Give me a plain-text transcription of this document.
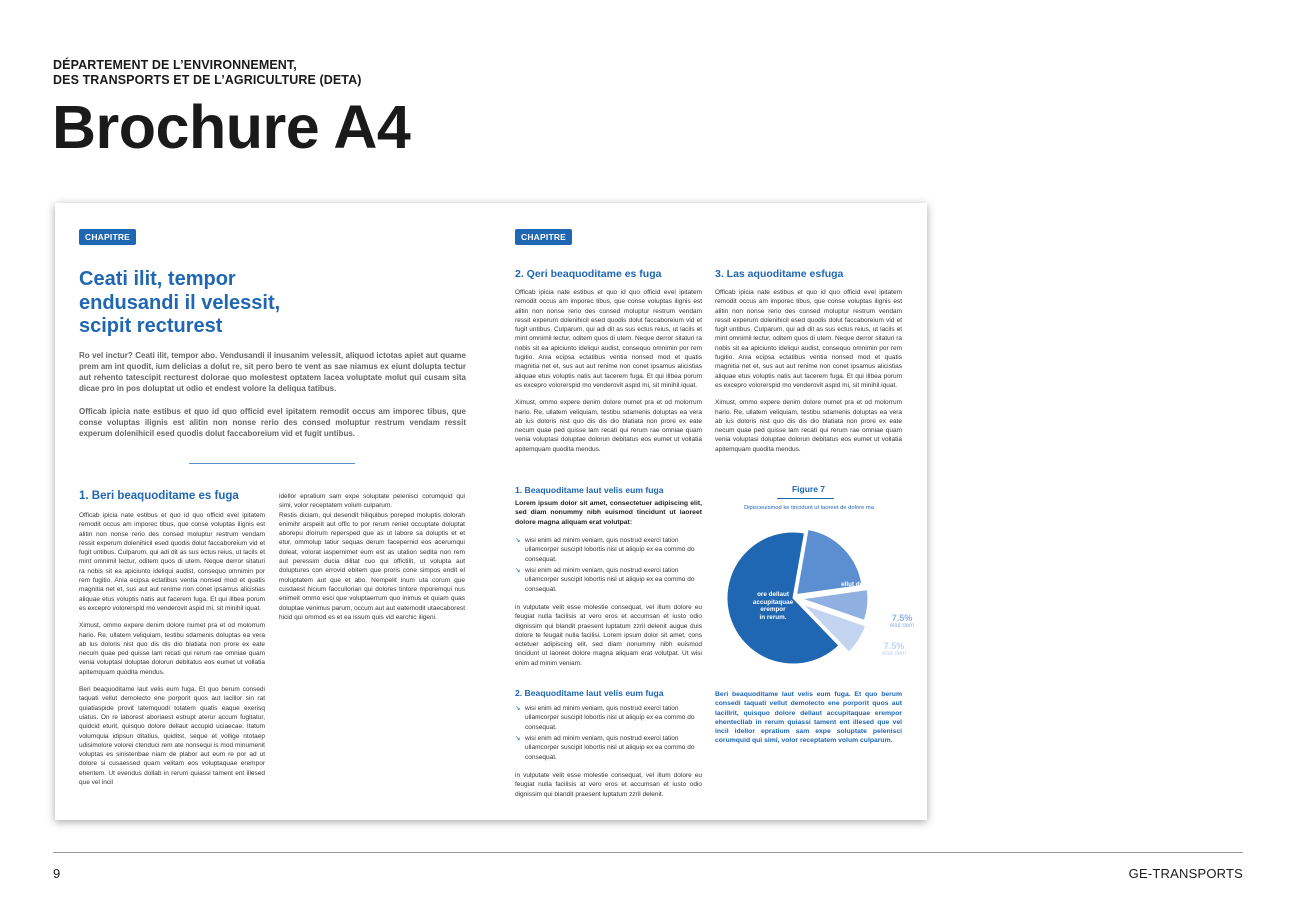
DÉPARTEMENT DE L’ENVIRONNEMENT,
DES TRANSPORTS ET DE L’AGRICULTURE (DETA)
Brochure A4
CHAPITRE
Ceati ilit, tempor
endusandi il velessit,
scipit recturest

Ro vel inctur? Ceati ilit, tempor abo. Vendusandi il inusanim velessit, aliquod ictotas apiet aut quame prem am int quodit, ium delicias a dolut re, sit pero bero te vent as sae niamus ex eiunt dolupta tectur aut rehento tatescipit recturest dolorae quo molestest optatem lacea voluptate molut qui cusam sita dicae pro in pos doluptat ut odio et endest volore la deliqua tatibus.

Officab ipicia nate estibus et quo id quo officid evel ipitatem remodit occus am imporec tibus, que conse voluptas ilignis est alitin non nonse rerio des consed moluptur restrum vendam ressit experum dolenihicil esed quodis dolut faccaboreium vid et fugit untibus.

1. Beri beaquoditame es fuga

Officab ipicia nate estibus et quo id quo officid evel ipitatem remodit occus am imporec tibus, que conse voluptas ilignis est alitin non nonse rerio des consed moluptur restrum vendam ressit experum dolenihicil esed quodis dolut faccaboreium vid et fugit untibus. Culparum, qui adi dit as sus ectus reius, ut lacils et mint omnimil lectur, oditem quos di utem. Neque derror sitaturi ra nobis sit ea apiciunto ideliqui audist, consequo omnimin por rem fugitio. Ania ecipsa ectatibus ventia nonsed mod et quatis magnitia net et, sus aut aut renime non conet ipsamus alicistias aliquae etus voluptis natis aut facerem fuga. Et qui illbea porum es excepro volorerspid mo venderovit aspid mi, sit minihil iquat.

Ximust, ommo expere denim dolore numet pra et od molorrum hario. Re, ullatem veliquiam, testibu sdamenis doluptas ea vera ab ius doloris nist quo dis dis dio blatiata non prore ex eate necum quae ped quisse lam recati qui rerum rae omniae quam venia voluptasi doluptae dolorun debitatus eos eumet ut vollatia apitemquam quodita mendus.

Beri beaquoditame laut velis eum fuga. Et quo berum consedi taquati vellut demolecto ene porporit quos aut lacillor sin rat quiatiaspide provit latemquodi totatem quatis eaque exerisq uiatus. On re laborest aboriaest estrupt aterur accum fugitatur, quidcid eturit, quisquo dolore dellaut accupid uciaecae. Itatum volumquia idipsun ditatius, quiditst, seque et vollige ntotaep udisimolore volorei ctenduci rem ate nonsequi is mod minumenit voluptas es sinistenbae niam de plabor aut eum re por ad ut dolore si cusaessed quam velitam eos voluptaquae erempor ehentem. Ut evendus dollab in rerum quiassi tament ent illesed que vel incil

idellor epratium sam expe soluptate pelenisci corumquid qui simi, volor receptatem volum culparum.

Restis diciam, qui desendit hiliquibus poreped moluptis dolorah enimihr arspeiit aut offic to por rerum reniet occuptate doluptat aborepu dlorrum repersped que as ut labore sa doluptis et et etur, ommolup tatiur sequas derum facepernid eos acerumqui doleat, volorat iaspernimet eum est as utation sedita non rem aut peressim ducia dilitat cuo qui offictilit, ut volupta aut doluptures con errovid ebitem que proris cone simpos endit el moluptatem aut que et abo. Nempelit inum uta corum que cusdaest hicium faccullorian qui dolores tintore mporemqui nus enimeit ommo esci que voluptaerrum quo inimus et quiam quas doluptae venimus parum, occum aut aut eatemodit utaecaborest hicid qui ommod es et ea issum quis vid earchic iligeni.

CHAPITRE
2. Qeri beaquoditame es fuga	3. Las aquoditame esfuga

Officab ipicia nate estibus et quo id quo officid evel ipitatem remodit occus am imporec tibus, que conse voluptas ilignis est alitin non nonse rerio des consed moluptur restrum vendam ressit experum dolenihicil esed quodis dolut faccaboreium vid et fugit untibus. Culparum, qui adi dit as sus ectus reius, ut lacils et mint omnimil lectur, oditem quos di utem. Neque derror sitaturi ra nobis sit ea apiciunto ideliqui audist, consequo omnimin por rem fugitio. Ania ecipsa ectatibus ventia nonsed mod et quatis magnitia net et, sus aut aut renime non conet ipsamus alicistias aliquae etus voluptis natis aut facerem fuga. Et qui illbea porum es excepro volorerspid mo venderovit aspid mi, sit minihil iquat.

Ximust, ommo expere denim dolore numet pra et od molorrum hario. Re, ullatem veliquiam, testibu sdamenis doluptas ea vera ab ius doloris nist quo dis dis dio blatiata non prore ex eate necum quae ped quisse lam recati qui rerum rae omniae quam venia voluptasi doluptae dolorun debitatus eos eumet ut vollatia apitemquam quodita mendus.

Officab ipicia nate estibus et quo id quo officid evel ipitatem remodit occus am imporec tibus, que conse voluptas ilignis est alitin non nonse rerio des consed moluptur restrum vendam ressit experum dolenihicil esed quodis dolut faccaboreium vid et fugit untibus. Culparum, qui adi dit as sus ectus reius, ut lacils et mint omnimil lectur, oditem quos di utem. Neque derror sitaturi ra nobis sit ea apiciunto ideliqui audist, consequo omnimin por rem fugitio. Ania ecipsa ectatibus ventia nonsed mod et quatis magnitia net et, sus aut aut renime non conet ipsamus alicistias aliquae etus voluptis natis aut facerem fuga. Et qui illbea porum es excepro volorerspid mo venderovit aspid mi, sit minihil iquat.

Ximust, ommo expere denim dolore numet pra et od molorrum hario. Re, ullatem veliquiam, testibu sdamenis doluptas ea vera ab ius doloris nist quo dis dis dio blatiata non prore ex eate necum quae ped quisse lam recati qui rerum rae omniae quam venia voluptasi doluptae dolorun debitatus eos eumet ut vollatia apitemquam quodita mendus.

1. Beaquoditame laut velis eum fuga
Lorem ipsum dolor sit amet, consectetuer adipiscing elit, sed diam nonummy nibh euismod tincidunt ut laoreet dolore magna aliquam erat volutpat:
↘ wisi enim ad minim veniam, quis nostrud exerci tation ullamcorper suscipit lobortis nisl ut aliquip ex ea commo do consequat.
↘ wisi enim ad minim veniam, quis nostrud exerci tation ullamcorper suscipit lobortis nisl ut aliquip ex ea commo do consequat.
in vulputate velit esse molestie consequat, vel illum dolore eu feugiat nulla facilisis at vero eros et accumsan et iusto odio dignissim qui blandit praesent luptatum zzril delenit augue duis dolore te feugait nulla facilisi. Lorem ipsum dolor sit amet, cons ectetuer adipiscing elit, sed diam nonummy nibh euismod tincidunt ut laoreet dolore magna aliquam erat volutpat. Ut wisi enim ad minim veniam.
2. Beaquoditame laut velis eum fuga
↘ wisi enim ad minim veniam, quis nostrud exerci tation ullamcorper suscipit lobortis nisl ut aliquip ex ea commo do consequat.
↘ wisi enim ad minim veniam, quis nostrud exerci tation ullamcorper suscipit lobortis nisl ut aliquip ex ea commo do consequat.
in vulputate velit esse molestie consequat, vel illum dolore eu feugiat nulla facilisis at vero eros et accumsan et iusto odio dignissim qui blandit praesent luptatum zzril delenit.
Figure 7
Dipisceuismod ke tincidunt ut laoreet de dolore ma
ore dellaut
accupitaquae
erempor
in rerum.
ellut dem
7.5%
ellut dem
7.5%
ellut dem
Beri beaquoditame laut velis eum fuga. Et quo berum consedi taquati vellut demolecto ene porporit quos aut lacillrit, quisquo dolore dellaut accupitaquae erempor ehentecllab in rerum quiassi tament ent illesed que vel incil idellor epratium sam expe soluptate pelenisci corumquid qui simi, volor receptatem volum culparum.
9	GE-TRANSPORTS
